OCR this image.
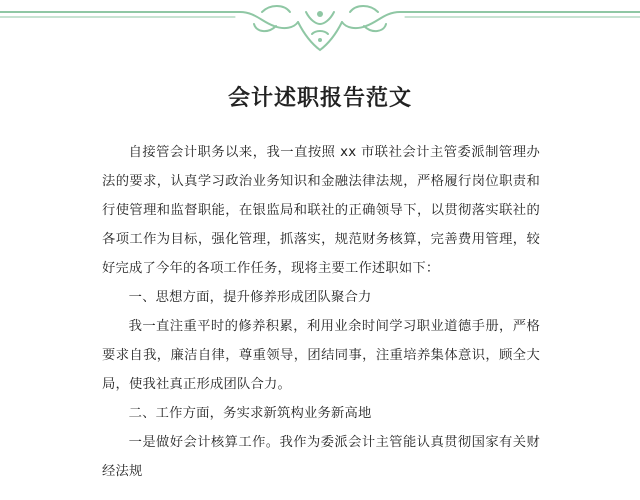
会计述职报告范文

自接管会计职务以来，我一直按照 xx 市联社会计主管委派制管理办法的要求，认真学习政治业务知识和金融法律法规，严格履行岗位职责和行使管理和监督职能，在银监局和联社的正确领导下，以贯彻落实联社的各项工作为目标，强化管理，抓落实，规范财务核算，完善费用管理，较好完成了今年的各项工作任务，现将主要工作述职如下：

一、思想方面，提升修养形成团队聚合力

我一直注重平时的修养积累，利用业余时间学习职业道德手册，严格要求自我，廉洁自律，尊重领导，团结同事，注重培养集体意识，顾全大局，使我社真正形成团队合力。

二、工作方面，务实求新筑构业务新高地

一是做好会计核算工作。我作为委派会计主管能认真贯彻国家有关财经法规
